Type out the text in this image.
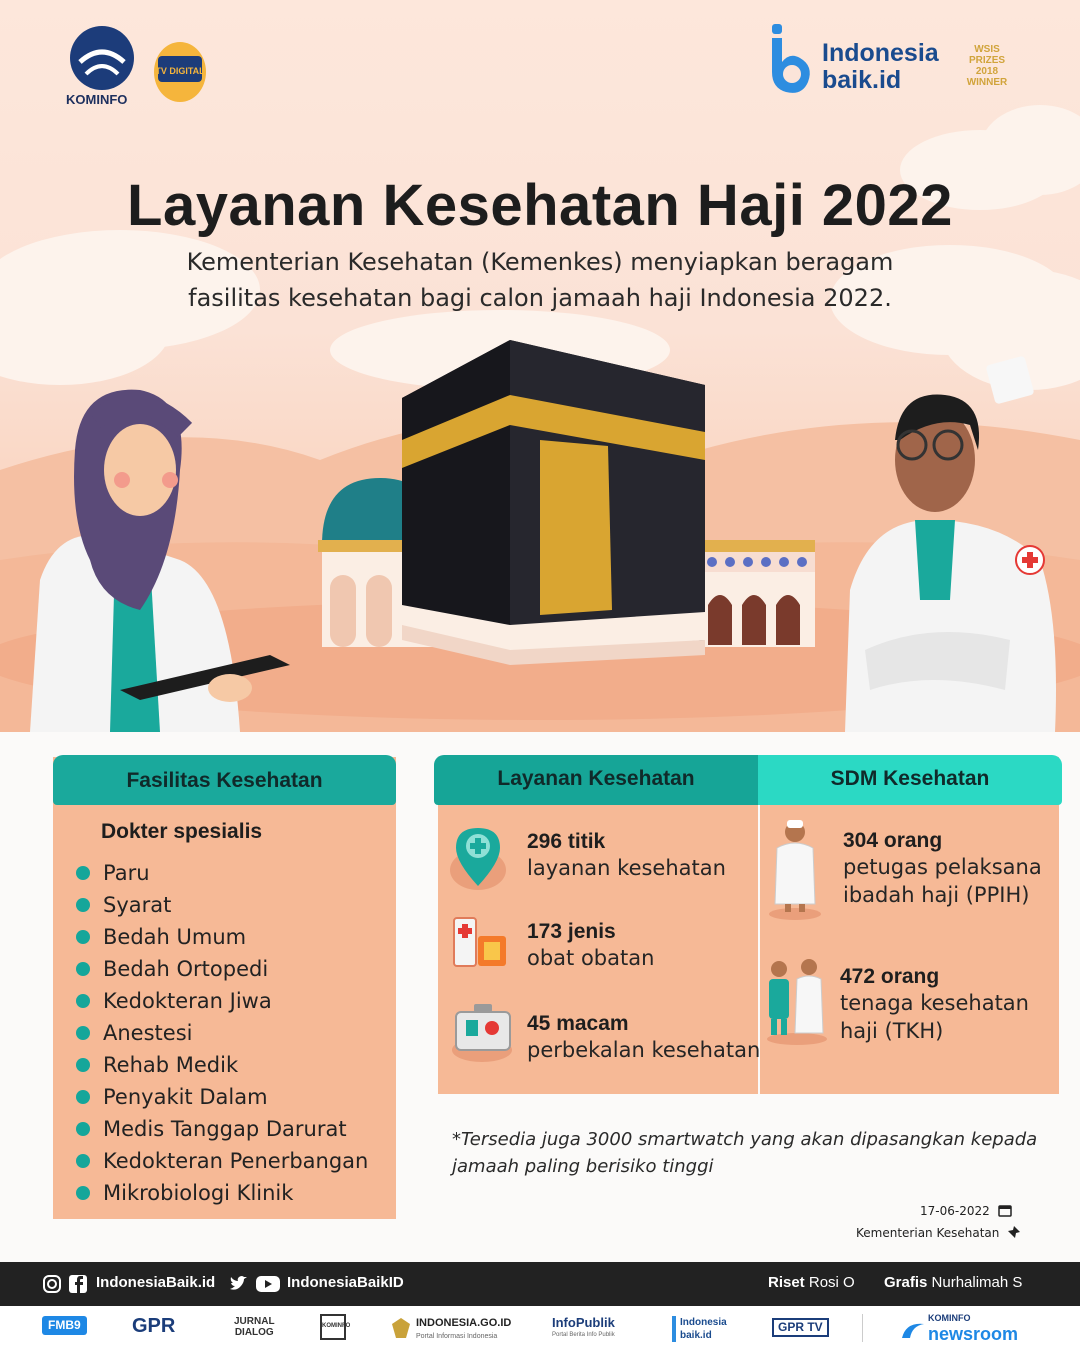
KOMINFO
TV DIGITAL
Indonesia
baik.id
WSIS
PRIZES
2018
WINNER
Layanan Kesehatan Haji 2022

Kementerian Kesehatan (Kemenkes) menyiapkan beragam fasilitas kesehatan bagi calon jamaah haji Indonesia 2022.

Fasilitas Kesehatan
Dokter spesialis
Paru
Syarat
Bedah Umum
Bedah Ortopedi
Kedokteran Jiwa
Anestesi
Rehab Medik
Penyakit Dalam
Medis Tanggap Darurat
Kedokteran Penerbangan
Mikrobiologi Klinik
Layanan Kesehatan	SDM Kesehatan
296 titik
layanan kesehatan
173 jenis
obat obatan
45 macam
perbekalan kesehatan
304 orang
petugas pelaksana
ibadah haji (PPIH)
472 orang
tenaga kesehatan
haji (TKH)
*Tersedia juga 3000 smartwatch yang akan dipasangkan kepada
jamaah paling berisiko tinggi
17-06-2022
Kementerian Kesehatan
IndonesiaBaik.id	IndonesiaBaikID	Riset Rosi O Grafis Nurhalimah S
FMB9	GPR	JURNAL
DIALOG
KOMINFO	INDONESIA.GO.ID
Portal Informasi Indonesia
InfoPublik
Portal Berita Info Publik
Indonesia
baik.id
GPR TV
KOMINFO
newsroom
